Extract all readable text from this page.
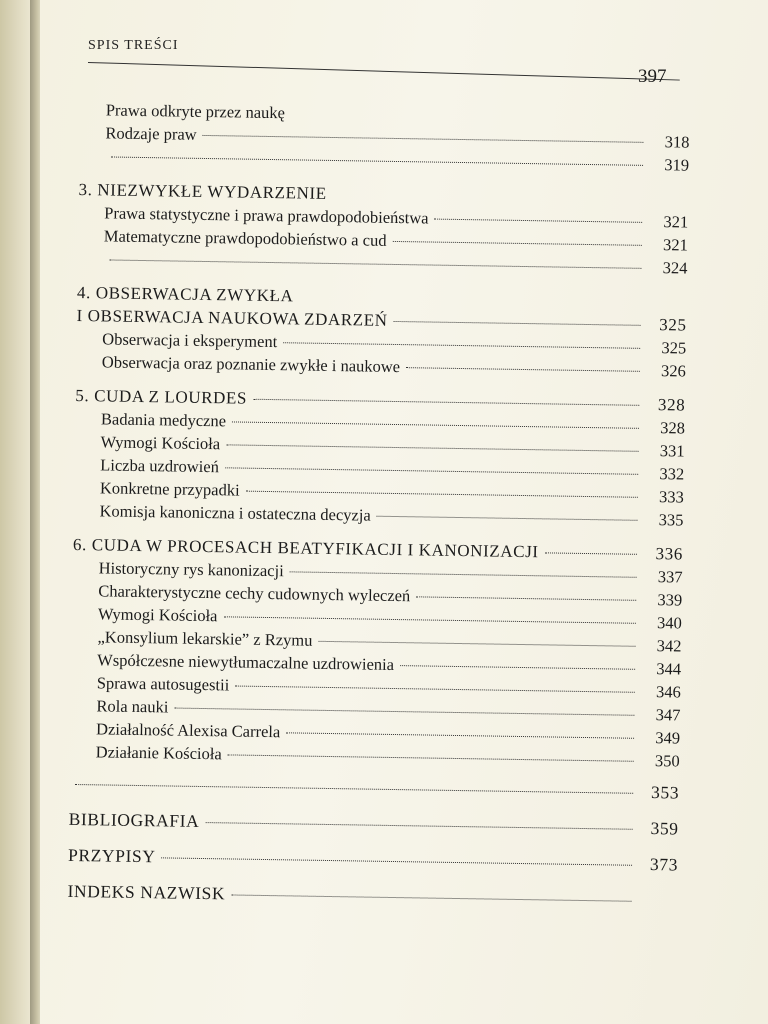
SPIS TREŚCI
397
Prawa odkryte przez naukę
Rodzaje praw	318
319
3. NIEZWYKŁE WYDARZENIE
Prawa statystyczne i prawa prawdopodobieństwa	321
Matematyczne prawdopodobieństwo a cud	321
324
4. OBSERWACJA ZWYKŁA
I OBSERWACJA NAUKOWA ZDARZEŃ	325
Obserwacja i eksperyment	325
Obserwacja oraz poznanie zwykłe i naukowe	326
5. CUDA Z LOURDES	328
Badania medyczne	328
Wymogi Kościoła	331
Liczba uzdrowień	332
Konkretne przypadki	333
Komisja kanoniczna i ostateczna decyzja	335
6. CUDA W PROCESACH BEATYFIKACJI I KANONIZACJI	336
Historyczny rys kanonizacji	337
Charakterystyczne cechy cudownych wyleczeń	339
Wymogi Kościoła	340
„Konsylium lekarskie” z Rzymu	342
Współczesne niewytłumaczalne uzdrowienia	344
Sprawa autosugestii	346
Rola nauki	347
Działalność Alexisa Carrela	349
Działanie Kościoła	350
353
BIBLIOGRAFIA	359
PRZYPISY	373
INDEKS NAZWISK
